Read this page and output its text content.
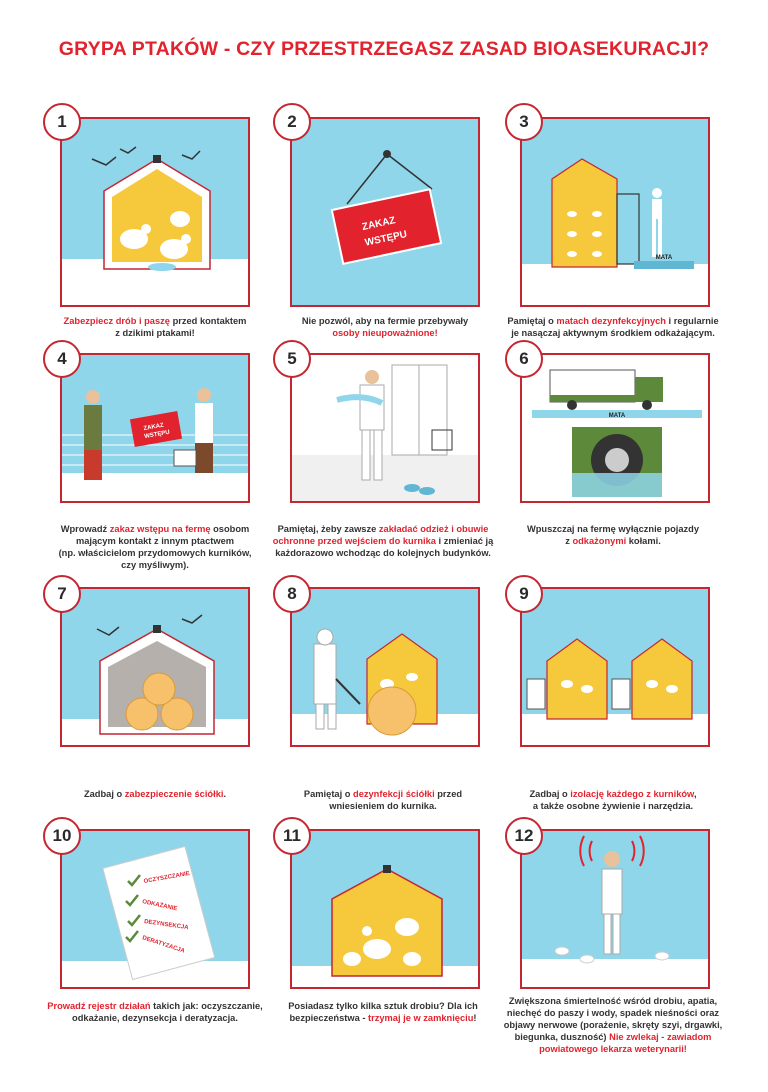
GRYPA PTAKÓW - CZY PRZESTRZEGASZ ZASAD BIOASEKURACJI?
1
Zabezpiecz drób i paszę przed kontaktem
z dzikimi ptakami!
ZAKAZ
WSTĘPU
2
Nie pozwól, aby na fermie przebywały
osoby nieupoważnione!
MATA
3
Pamiętaj o matach dezynfekcyjnych i regularnie
je nasączaj aktywnym środkiem odkażającym.
ZAKAZ
WSTĘPU
4
Wprowadź zakaz wstępu na fermę osobom
mającym kontakt z innym ptactwem
(np. właścicielom przydomowych kurników,
czy myśliwym).
5
Pamiętaj, żeby zawsze zakładać odzież i obuwie
ochronne przed wejściem do kurnika i zmieniać ją
każdorazowo wchodząc do kolejnych budynków.
MATA
6
Wpuszczaj na fermę wyłącznie pojazdy
z odkażonymi kołami.
7
Zadbaj o zabezpieczenie ściółki.
8
Pamiętaj o dezynfekcji ściółki przed
wniesieniem do kurnika.
9
Zadbaj o izolację każdego z kurników,
a także osobne żywienie i narzędzia.
OCZYSZCZANIE
ODKAŻANIE
DEZYNSEKCJA
DERATYZACJA
10
Prowadź rejestr działań takich jak: oczyszczanie,
odkażanie, dezynsekcja i deratyzacja.
11
Posiadasz tylko kilka sztuk drobiu? Dla ich
bezpieczeństwa - trzymaj je w zamknięciu!
12
Zwiększona śmiertelność wśród drobiu, apatia,
niechęć do paszy i wody, spadek nieśności oraz
objawy nerwowe (porażenie, skręty szyi, drgawki,
biegunka, duszność) Nie zwlekaj - zawiadom
powiatowego lekarza weterynarii!
